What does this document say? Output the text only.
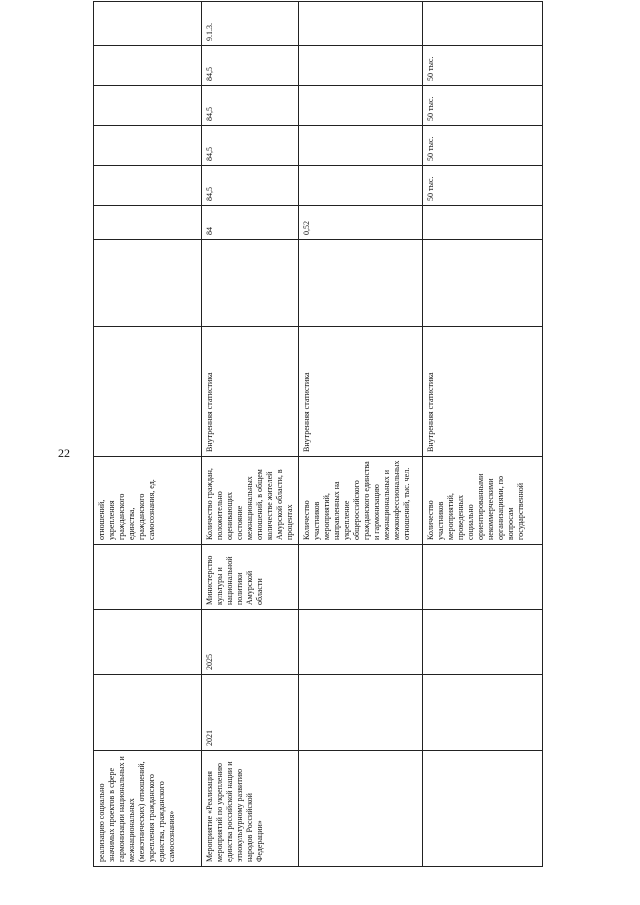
22
реализацию социально значимых проектов в сфере гармонизации национальных и межнациональных (межэтнических) отношений, укрепления гражданского единства, гражданского самосознания»				отношений, укрепления гражданского единства, гражданского самосознания, ед.								
Мероприятие «Реализация мероприятий по укреплению единства российской нации и этнокультурному развитию народов Российской Федерации»	2021	2025	Министерство культуры и национальной политики Амурской области	Количество граждан, положительно оценивающих состояние межнациональных отношений, в общем количестве жителей Амурской области, в процентах	Внутренняя статистика		84	84,5	84,5	84,5	84,5	9.1.3.
				Количество участников мероприятий, направленных на укрепление общероссийского гражданского единства и гармонизацию межнациональных и межконфессиональных отношений, тыс. чел.	Внутренняя статистика		0,52					
				Количество участников мероприятий, проведенных социально ориентированными некоммерческими организациями, по вопросам государственной	Внутренняя статистика			50 тыс.	50 тыс.	50 тыс.	50 тыс.	
